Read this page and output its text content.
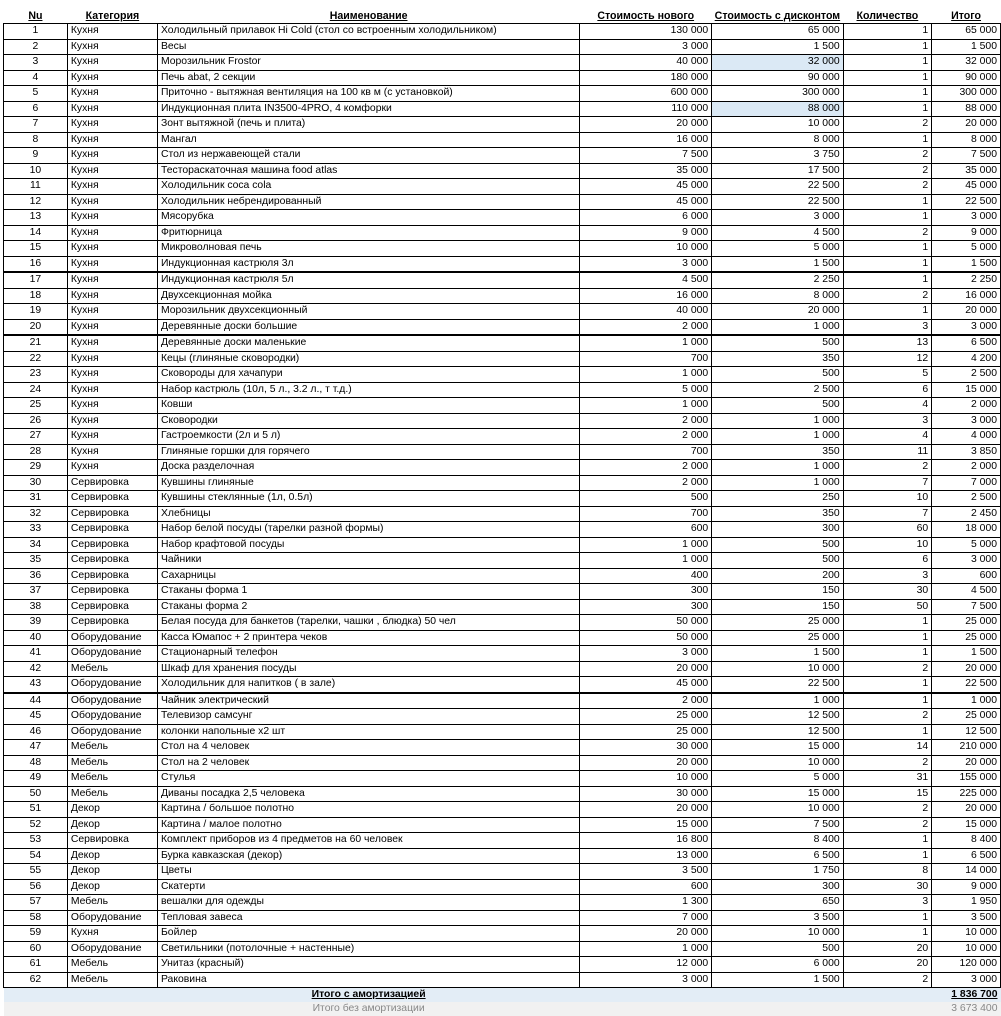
Nu	Категория	Наименование	Стоимость нового	Стоимость с дисконтом	Количество	Итого
1	Кухня	Холодильный прилавок Hi Cold (стол со встроенным холодильником)	130 000	65 000	1	65 000
2	Кухня	Весы	3 000	1 500	1	1 500
3	Кухня	Морозильник Frostor	40 000	32 000	1	32 000
4	Кухня	Печь abat, 2 секции	180 000	90 000	1	90 000
5	Кухня	Приточно - вытяжная вентиляция на 100 кв м (с установкой)	600 000	300 000	1	300 000
6	Кухня	Индукционная плита IN3500-4PRO, 4 комфорки	110 000	88 000	1	88 000
7	Кухня	Зонт вытяжной (печь и плита)	20 000	10 000	2	20 000
8	Кухня	Мангал	16 000	8 000	1	8 000
9	Кухня	Стол из нержавеющей стали	7 500	3 750	2	7 500
10	Кухня	Тестораскаточная машина food atlas	35 000	17 500	2	35 000
11	Кухня	Холодильник coca cola	45 000	22 500	2	45 000
12	Кухня	Холодильник небрендированный	45 000	22 500	1	22 500
13	Кухня	Мясорубка	6 000	3 000	1	3 000
14	Кухня	Фритюрница	9 000	4 500	2	9 000
15	Кухня	Микроволновая печь	10 000	5 000	1	5 000
16	Кухня	Индукционная кастрюля 3л	3 000	1 500	1	1 500
17	Кухня	Индукционная кастрюля 5л	4 500	2 250	1	2 250
18	Кухня	Двухсекционная мойка	16 000	8 000	2	16 000
19	Кухня	Морозильник двухсекционный	40 000	20 000	1	20 000
20	Кухня	Деревянные доски большие	2 000	1 000	3	3 000
21	Кухня	Деревянные доски маленькие	1 000	500	13	6 500
22	Кухня	Кецы (глиняные сковородки)	700	350	12	4 200
23	Кухня	Сковороды для хачапури	1 000	500	5	2 500
24	Кухня	Набор кастрюль (10л, 5 л., 3.2 л., т т.д.)	5 000	2 500	6	15 000
25	Кухня	Ковши	1 000	500	4	2 000
26	Кухня	Сковородки	2 000	1 000	3	3 000
27	Кухня	Гастроемкости (2л и 5 л)	2 000	1 000	4	4 000
28	Кухня	Глиняные горшки для горячего	700	350	11	3 850
29	Кухня	Доска разделочная	2 000	1 000	2	2 000
30	Сервировка	Кувшины глиняные	2 000	1 000	7	7 000
31	Сервировка	Кувшины стеклянные (1л, 0.5л)	500	250	10	2 500
32	Сервировка	Хлебницы	700	350	7	2 450
33	Сервировка	Набор белой посуды (тарелки разной формы)	600	300	60	18 000
34	Сервировка	Набор крафтовой посуды	1 000	500	10	5 000
35	Сервировка	Чайники	1 000	500	6	3 000
36	Сервировка	Сахарницы	400	200	3	600
37	Сервировка	Стаканы форма 1	300	150	30	4 500
38	Сервировка	Стаканы форма 2	300	150	50	7 500
39	Сервировка	Белая посуда для банкетов (тарелки, чашки , блюдка) 50 чел	50 000	25 000	1	25 000
40	Оборудование	Касса Юмапос + 2 принтера чеков	50 000	25 000	1	25 000
41	Оборудование	Стационарный телефон	3 000	1 500	1	1 500
42	Мебель	Шкаф для хранения посуды	20 000	10 000	2	20 000
43	Оборудование	Холодильник для напитков ( в зале)	45 000	22 500	1	22 500
44	Оборудование	Чайник электрический	2 000	1 000	1	1 000
45	Оборудование	Телевизор самсунг	25 000	12 500	2	25 000
46	Оборудование	колонки напольные х2 шт	25 000	12 500	1	12 500
47	Мебель	Стол на 4 человек	30 000	15 000	14	210 000
48	Мебель	Стол на 2 человек	20 000	10 000	2	20 000
49	Мебель	Стулья	10 000	5 000	31	155 000
50	Мебель	Диваны посадка 2,5 человека	30 000	15 000	15	225 000
51	Декор	Картина / большое полотно	20 000	10 000	2	20 000
52	Декор	Картина / малое полотно	15 000	7 500	2	15 000
53	Сервировка	Комплект приборов из 4 предметов на 60 человек	16 800	8 400	1	8 400
54	Декор	Бурка кавказская (декор)	13 000	6 500	1	6 500
55	Декор	Цветы	3 500	1 750	8	14 000
56	Декор	Скатерти	600	300	30	9 000
57	Мебель	вешалки для одежды	1 300	650	3	1 950
58	Оборудование	Тепловая завеса	7 000	3 500	1	3 500
59	Кухня	Бойлер	20 000	10 000	1	10 000
60	Оборудование	Светильники (потолочные + настенные)	1 000	500	20	10 000
61	Мебель	Унитаз (красный)	12 000	6 000	20	120 000
62	Мебель	Раковина	3 000	1 500	2	3 000
		Итого с амортизацией				1 836 700
		Итого без амортизации				3 673 400
